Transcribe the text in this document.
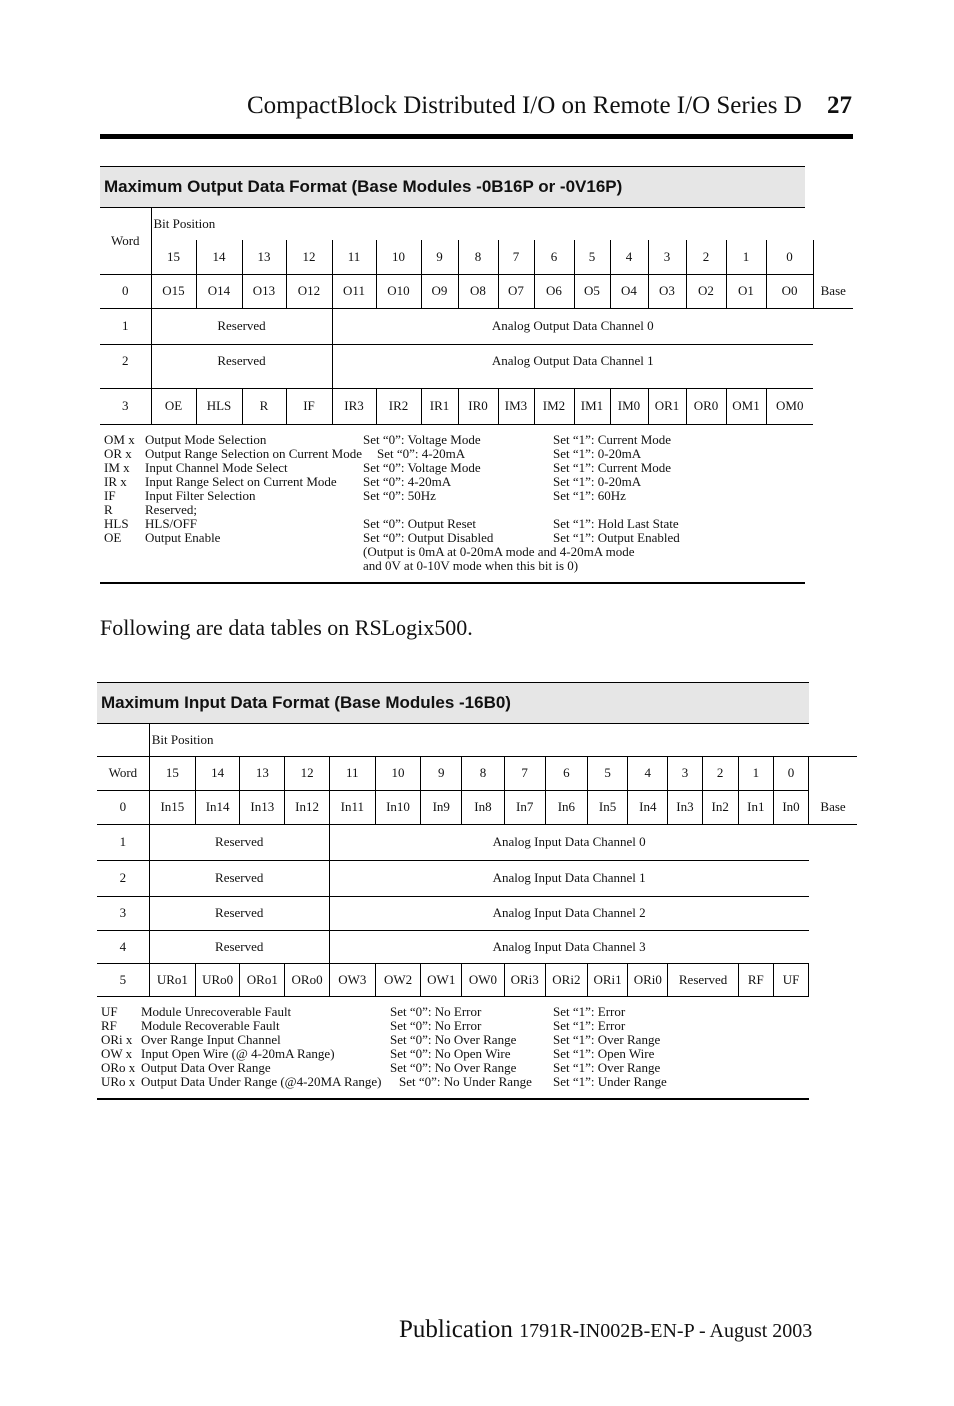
CompactBlock Distributed I/O on Remote I/O Series D 27
Maximum Output Data Format (Base Modules -0B16P or -0V16P)
Word	Bit Position																
	15	14	13	12	11	10	9	8	7	6	5	4	3	2	1	0	
0	O15	O14	O13	O12	O11	O10	O9	O8	O7	O6	O5	O4	O3	O2	O1	O0	Base
1	Reserved				Analog Output Data Channel 0												
2	Reserved				Analog Output Data Channel 1												
3	OE	HLS	R	IF	IR3	IR2	IR1	IR0	IM3	IM2	IM1	IM0	OR1	OR0	OM1	OM0	
OM x Output Mode Selection	Set “0”: Voltage Mode	Set “1”: Current Mode
OR x Output Range Selection on Current Mode Set “0”: 4-20mA	Set “1”: 0-20mA
IM x Input Channel Mode Select	Set “0”: Voltage Mode	Set “1”: Current Mode
IR x Input Range Select on Current Mode Set “0”: 4-20mA	Set “1”: 0-20mA
IF Input Filter Selection	Set “0”: 50Hz	Set “1”: 60Hz
R Reserved;
HLS HLS/OFF	Set “0”: Output Reset	Set “1”: Hold Last State
OE Output Enable	Set “0”: Output Disabled	Set “1”: Output Enabled
(Output is 0mA at 0-20mA mode and 4-20mA mode
and 0V at 0-10V mode when this bit is 0)
Following are data tables on RSLogix500.
Maximum Input Data Format (Base Modules -16B0)
	Bit Position																
Word	15	14	13	12	11	10	9	8	7	6	5	4	3	2	1	0	
0	In15	In14	In13	In12	In11	In10	In9	In8	In7	In6	In5	In4	In3	In2	In1	In0	Base
1	Reserved				Analog Input Data Channel 0												
2	Reserved				Analog Input Data Channel 1												
3	Reserved				Analog Input Data Channel 2												
4	Reserved				Analog Input Data Channel 3												
5	URo1	URo0	ORo1	ORo0	OW3	OW2	OW1	OW0	ORi3	ORi2	ORi1	ORi0	Reserved		RF	UF	
UF Module Unrecoverable Fault	Set “0”: No Error	Set “1”: Error
RF Module Recoverable Fault	Set “0”: No Error	Set “1”: Error
ORi x Over Range Input Channel	Set “0”: No Over Range	Set “1”: Over Range
OW x Input Open Wire (@ 4-20mA Range)	Set “0”: No Open Wire	Set “1”: Open Wire
ORo x Output Data Over Range	Set “0”: No Over Range	Set “1”: Over Range
URo x Output Data Under Range (@4-20MA Range) Set “0”: No Under Range Set “1”: Under Range
Publication 1791R-IN002B-EN-P - August 2003
